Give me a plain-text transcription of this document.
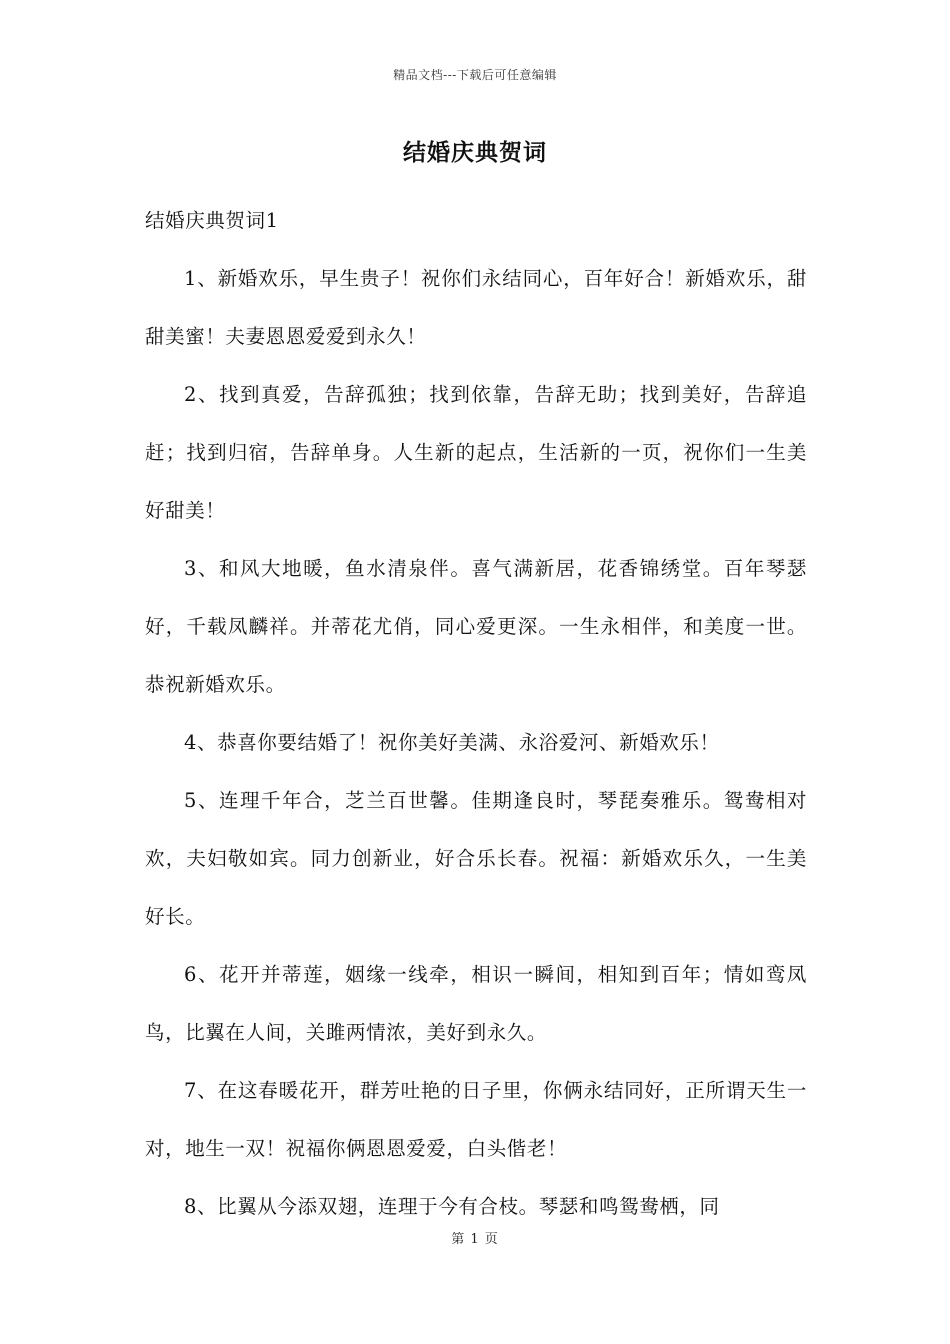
精品文档---下载后可任意编辑
结婚庆典贺词

结婚庆典贺词1

1、新婚欢乐，早生贵子！祝你们永结同心，百年好合！新婚欢乐，甜甜美蜜！夫妻恩恩爱爱到永久！

2、找到真爱，告辞孤独；找到依靠，告辞无助；找到美好，告辞追赶；找到归宿，告辞单身。人生新的起点，生活新的一页，祝你们一生美好甜美！

3、和风大地暖，鱼水清泉伴。喜气满新居，花香锦绣堂。百年琴瑟好，千载凤麟祥。并蒂花尤俏，同心爱更深。一生永相伴，和美度一世。恭祝新婚欢乐。

4、恭喜你要结婚了！祝你美好美满、永浴爱河、新婚欢乐！

5、连理千年合，芝兰百世馨。佳期逢良时，琴琵奏雅乐。鸳鸯相对欢，夫妇敬如宾。同力创新业，好合乐长春。祝福：新婚欢乐久，一生美好长。

6、花开并蒂莲，姻缘一线牵，相识一瞬间，相知到百年；情如鸾凤鸟，比翼在人间，关雎两情浓，美好到永久。

7、在这春暖花开，群芳吐艳的日子里，你俩永结同好，正所谓天生一对，地生一双！祝福你俩恩恩爱爱，白头偕老！

8、比翼从今添双翅，连理于今有合枝。琴瑟和鸣鸳鸯栖，同

第 1 页
